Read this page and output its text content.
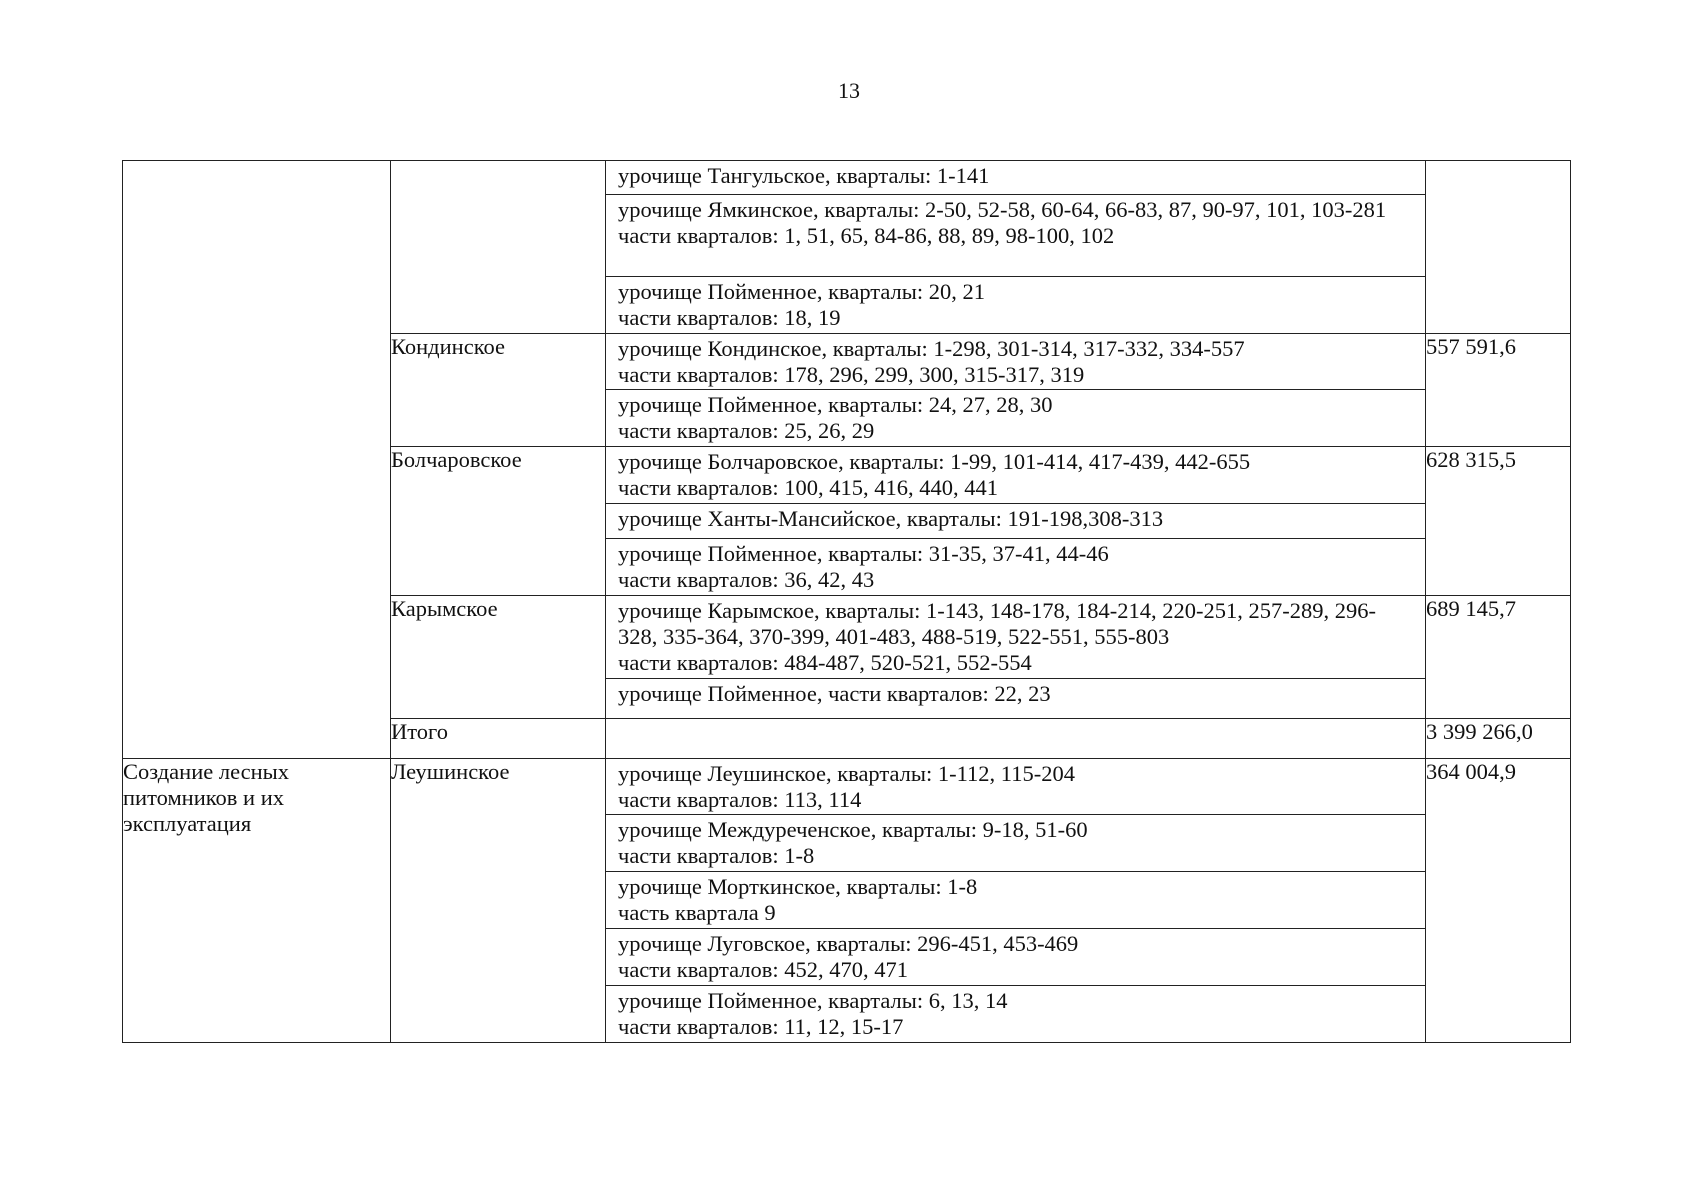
13

		урочище Тангульское, кварталы: 1-141	

		урочище Ямкинское, кварталы: 2-50, 52-58, 60-64, 66-83, 87, 90-97, 101, 103-281
части кварталов: 1, 51, 65, 84-86, 88, 89, 98-100, 102	

		урочище Пойменное, кварталы: 20, 21
части кварталов: 18, 19	

	Кондинское	урочище Кондинское, кварталы: 1-298, 301-314, 317-332, 334-557
части кварталов: 178, 296, 299, 300, 315-317, 319	557 591,6

		урочище Пойменное, кварталы: 24, 27, 28, 30
части кварталов: 25, 26, 29	

	Болчаровское	урочище Болчаровское, кварталы: 1-99, 101-414, 417-439, 442-655
части кварталов: 100, 415, 416, 440, 441	628 315,5

		урочище Ханты-Мансийское, кварталы: 191-198,308-313	

		урочище Пойменное, кварталы: 31-35, 37-41, 44-46
части кварталов: 36, 42, 43	

	Карымское	урочище Карымское, кварталы: 1-143, 148-178, 184-214, 220-251, 257-289, 296-328, 335-364, 370-399, 401-483, 488-519, 522-551, 555-803
части кварталов: 484-487, 520-521, 552-554	689 145,7

		урочище Пойменное, части кварталов: 22, 23	

	Итого		3 399 266,0

Создание лесных питомников и их эксплуатация	Леушинское	урочище Леушинское, кварталы: 1-112, 115-204
части кварталов: 113, 114	364 004,9

		урочище Междуреченское, кварталы: 9-18, 51-60
части кварталов: 1-8	

		урочище Морткинское, кварталы: 1-8
часть квартала 9	

		урочище Луговское, кварталы: 296-451, 453-469
части кварталов: 452, 470, 471	

		урочище Пойменное, кварталы: 6, 13, 14
части кварталов: 11, 12, 15-17	
